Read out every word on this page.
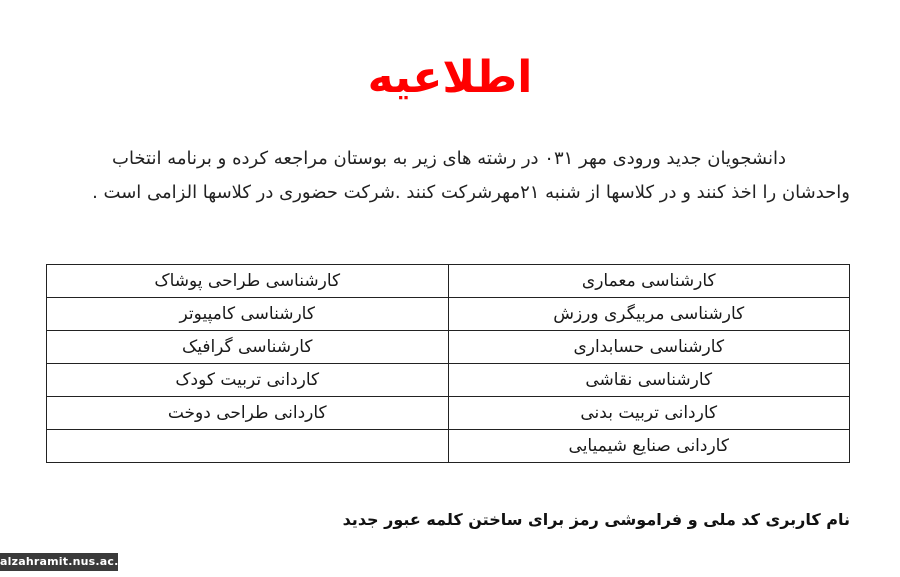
اطلاعیه
دانشجویان جدید ورودی مهر ۰۳۱ در رشته های زیر به بوستان مراجعه کرده و برنامه انتخاب
واحدشان را اخذ کنند و در کلاسها از شنبه ۲۱مهرشرکت کنند .شرکت حضوری در کلاسها الزامی است .
کارشناسی معماری	کارشناسی طراحی پوشاک
کارشناسی مربیگری ورزش	کارشناسی کامپیوتر
کارشناسی حسابداری	کارشناسی گرافیک
کارشناسی نقاشی	کاردانی تربیت کودک
کاردانی تربیت بدنی	کاردانی طراحی دوخت
کاردانی صنایع شیمیایی	
نام کاربری کد ملی و فراموشی رمز برای ساختن کلمه عبور جدید
alzahramit.nus.ac.ir
